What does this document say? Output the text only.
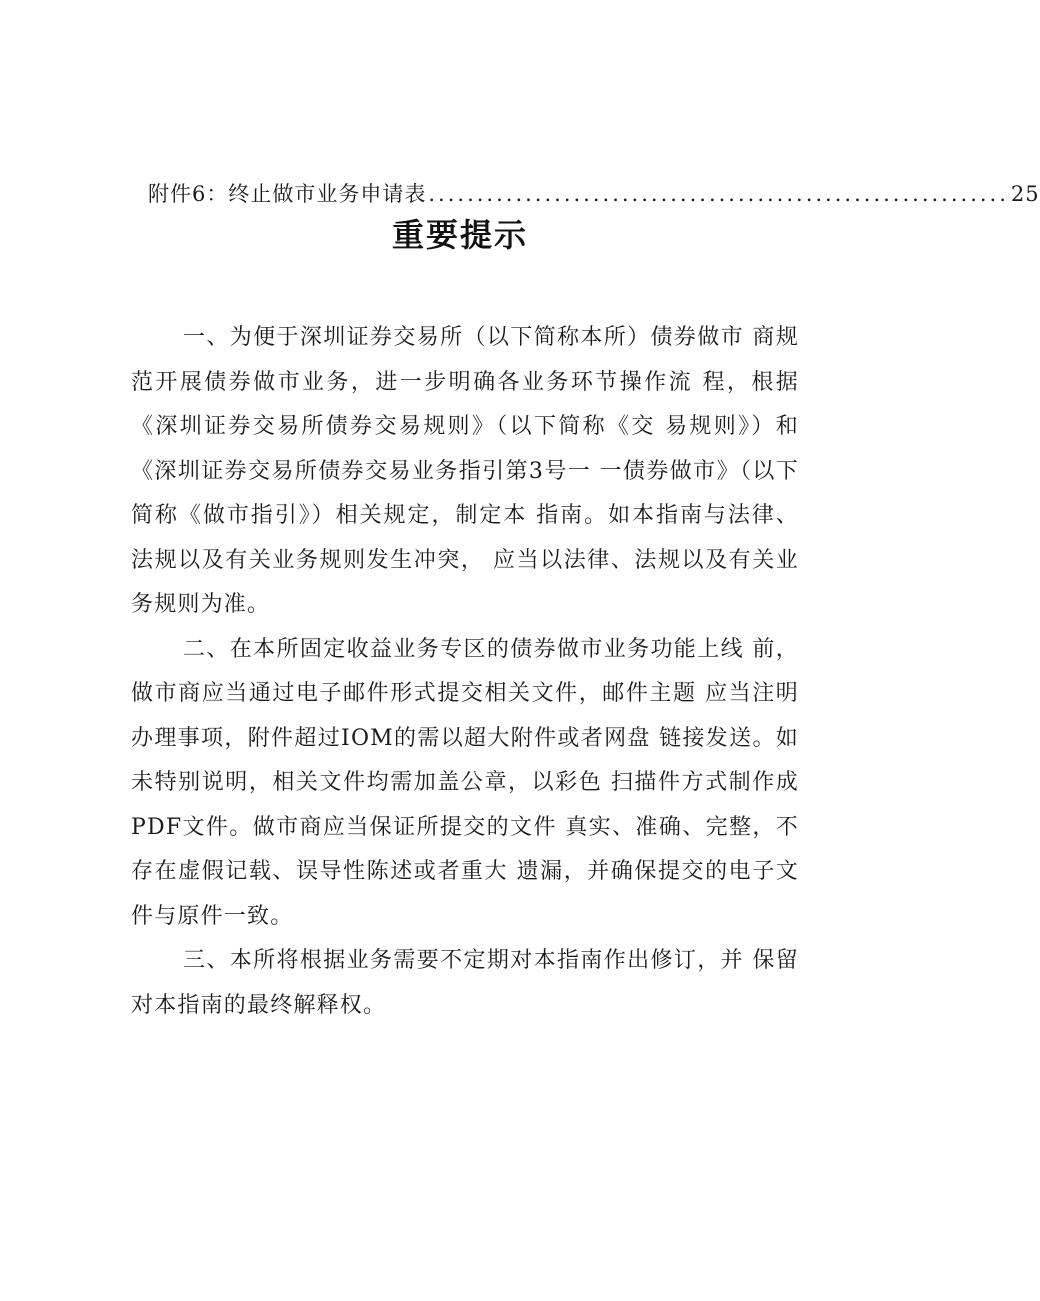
附件6：终止做市业务申请表 ............................................................ 25
重要提示

一、为便于深圳证券交易所（以下简称本所）债券做市 商规范开展债券做市业务，进一步明确各业务环节操作流 程，根据《深圳证券交易所债券交易规则》（以下简称《交 易规则》）和《深圳证券交易所债券交易业务指引第3号一 一债券做市》（以下简称《做市指引》）相关规定，制定本 指南。如本指南与法律、法规以及有关业务规则发生冲突， 应当以法律、法规以及有关业务规则为准。

二、在本所固定收益业务专区的债券做市业务功能上线 前，做市商应当通过电子邮件形式提交相关文件，邮件主题 应当注明办理事项，附件超过IOM的需以超大附件或者网盘 链接发送。如未特别说明，相关文件均需加盖公章，以彩色 扫描件方式制作成PDF文件。做市商应当保证所提交的文件 真实、准确、完整，不存在虚假记载、误导性陈述或者重大 遗漏，并确保提交的电子文件与原件一致。

三、本所将根据业务需要不定期对本指南作出修订，并 保留对本指南的最终解释权。
